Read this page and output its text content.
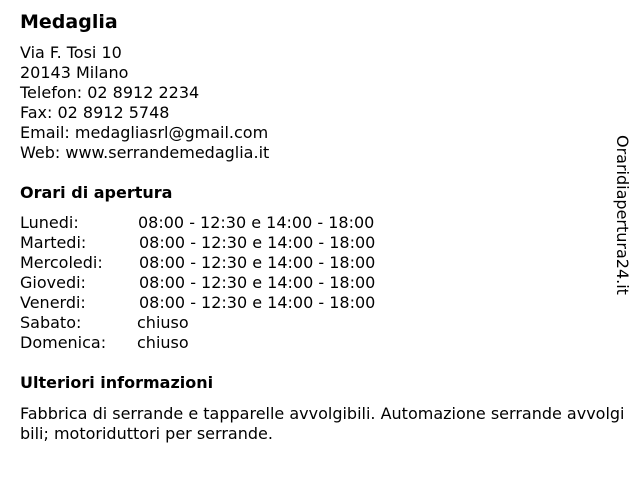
Medaglia
Via F. Tosi 10
20143 Milano
Telefon: 02 8912 2234
Fax: 02 8912 5748
Email: medagliasrl@gmail.com
Web: www.serrandemedaglia.it
Orari di apertura
Lunedi:	08:00 - 12:30 e 14:00 - 18:00
Martedi:	08:00 - 12:30 e 14:00 - 18:00
Mercoledi: 08:00 - 12:30 e 14:00 - 18:00
Giovedi:	08:00 - 12:30 e 14:00 - 18:00
Venerdi:	08:00 - 12:30 e 14:00 - 18:00
Sabato:	chiuso
Domenica: chiuso
Ulteriori informazioni
Fabbrica di serrande e tapparelle avvolgibili. Automazione serrande avvolgibili; motoriduttori per serrande.
Oraridiapertura24.it
